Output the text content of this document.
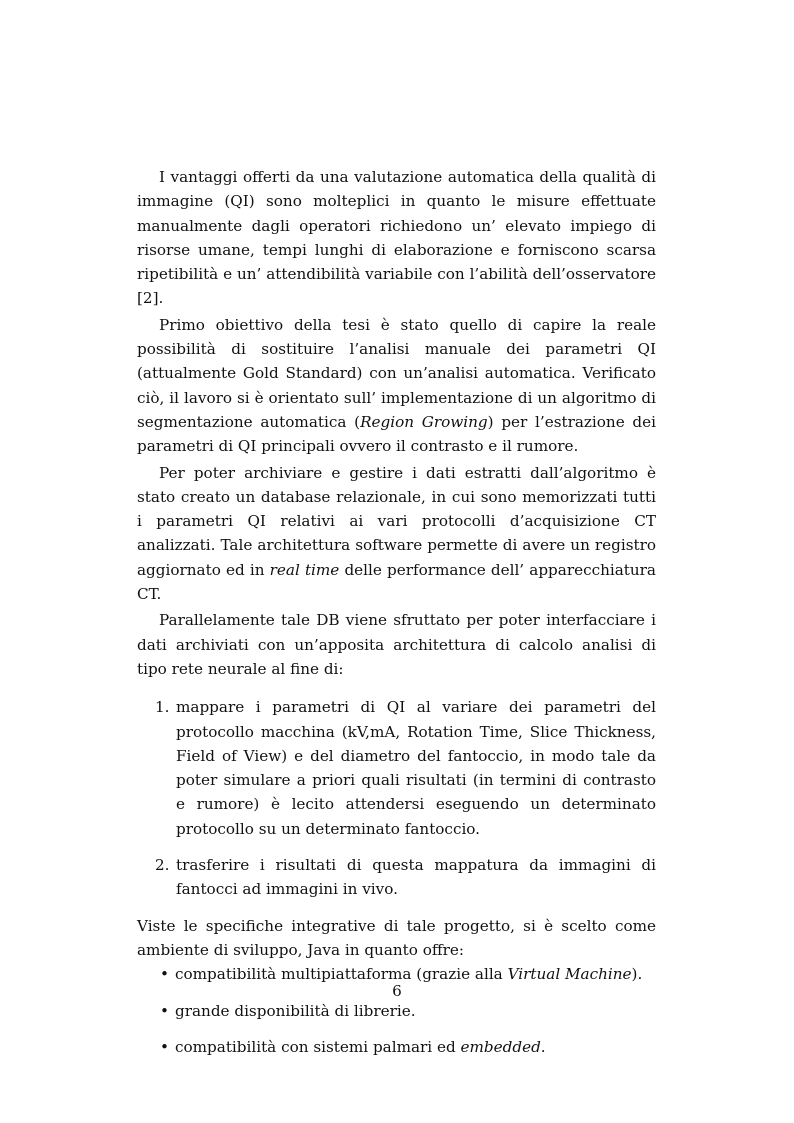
I vantaggi offerti da una valutazione automatica della qualità di immagine (QI) sono molteplici in quanto le misure effettuate manualmente dagli operatori richiedono un’ elevato impiego di risorse umane, tempi lunghi di elaborazione e forniscono scarsa ripetibilità e un’ attendibilità variabile con l’abilità dell’osservatore [2].

Primo obiettivo della tesi è stato quello di capire la reale possibilità di sostituire l’analisi manuale dei parametri QI (attualmente Gold Standard) con un’analisi automatica. Verificato ciò, il lavoro si è orientato sull’ implementazione di un algoritmo di segmentazione automatica (Region Growing) per l’estrazione dei parametri di QI principali ovvero il contrasto e il rumore.

Per poter archiviare e gestire i dati estratti dall’algoritmo è stato creato un database relazionale, in cui sono memorizzati tutti i parametri QI relativi ai vari protocolli d’acquisizione CT analizzati. Tale architettura software permette di avere un registro aggiornato ed in real time delle performance dell’ apparecchiatura CT.

Parallelamente tale DB viene sfruttato per poter interfacciare i dati archiviati con un’apposita architettura di calcolo analisi di tipo rete neurale al fine di:

1. mappare i parametri di QI al variare dei parametri del protocollo macchina (kV,mA, Rotation Time, Slice Thickness, Field of View) e del diametro del fantoccio, in modo tale da poter simulare a priori quali risultati (in termini di contrasto e rumore) è lecito attendersi eseguendo un determinato protocollo su un determinato fantoccio.
2. trasferire i risultati di questa mappatura da immagini di fantocci ad immagini in vivo.

Viste le specifiche integrative di tale progetto, si è scelto come ambiente di sviluppo, Java in quanto offre:

• compatibilità multipiattaforma (grazie alla Virtual Machine).
• grande disponibilità di librerie.
• compatibilità con sistemi palmari ed embedded.
6
